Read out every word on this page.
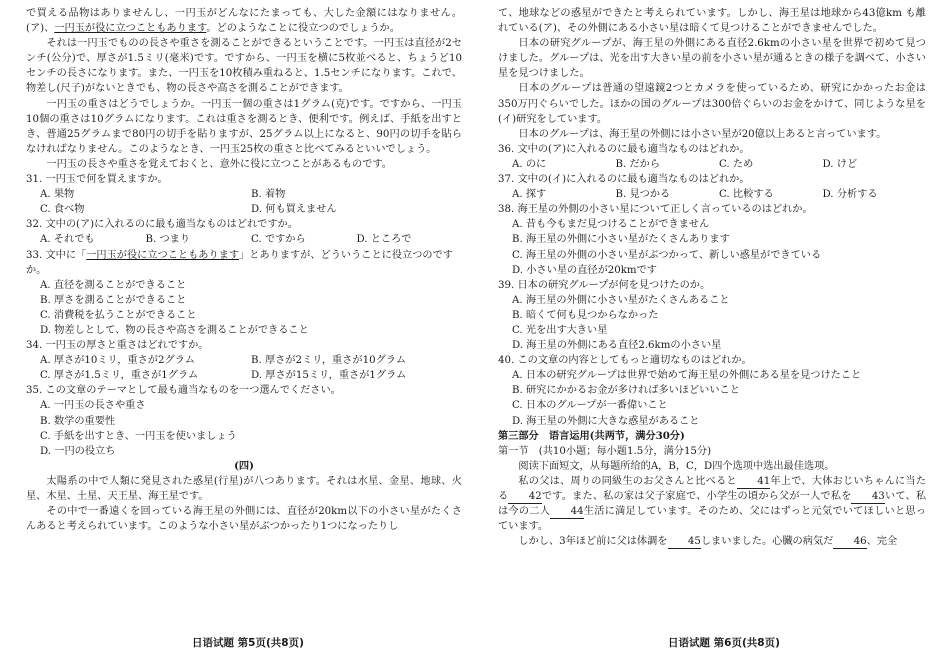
で買える品物はありませんし、一円玉がどんなにたまっても、大した金額にはなりません。(ア)、一円玉が役に立つこともあります。どのようなことに役立つのでしょうか。

それは一円玉でものの長さや重さを測ることができるということです。一円玉は直径が2センチ(公分)で、厚さが1.5ミリ(毫米)です。ですから、一円玉を横に5枚並べると、ちょうど10センチの長さになります。また、一円玉を10枚積み重ねると、1.5センチになります。これで、物差し(尺子)がないときでも、物の長さや高さを測ることができます。

一円玉の重さはどうでしょうか。一円玉一個の重さは1グラム(克)です。ですから、一円玉10個の重さは10グラムになります。これは重さを測るとき、便利です。例えば、手紙を出すとき、普通25グラムまで80円の切手を貼りますが、25グラム以上になると、90円の切手を貼らなければなりません。このようなとき、一円玉25枚の重さと比べてみるといいでしょう。

一円玉の長さや重さを覚えておくと、意外に役に立つことがあるものです。

31. 一円玉で何を買えますか。

A. 果物	B. 着物
C. 食べ物	D. 何も買えません

32. 文中の(ア)に入れるのに最も適当なものはどれですか。

A. それでも	B. つまり	C. ですから	D. ところで

33. 文中に「一円玉が役に立つこともあります」とありますが、どういうことに役立つのですか。

A. 直径を測ることができること
B. 厚さを測ることができること
C. 消費税を払うことができること
D. 物差しとして、物の長さや高さを測ることができること

34. 一円玉の厚さと重さはどれですか。

A. 厚さが10ミリ，重さが2グラム	B. 厚さが2ミリ，重さが10グラム
C. 厚さが1.5ミリ，重さが1グラム	D. 厚さが15ミリ，重さが1グラム

35. この文章のテーマとして最も適当なものを一つ選んでください。

A. 一円玉の長さや重さ
B. 数学の重要性
C. 手紙を出すとき、一円玉を使いましょう
D. 一円の役立ち

(四)

太陽系の中で人類に発見された惑星(行星)が八つあります。それは水星、金星、地球、火星、木星、土星、天王星、海王星です。

その中で一番遠くを回っている海王星の外側には、直径が20km以下の小さい星がたくさんあると考えられています。このような小さい星がぶつかったり1つになったりし

て、地球などの惑星ができたと考えられています。しかし、海王星は地球から43億km も離れている(ア)、その外側にある小さい星は暗くて見つけることができませんでした。

日本の研究グループが、海王星の外側にある直径2.6kmの小さい星を世界で初めて見つけました。グループは、光を出す大きい星の前を小さい星が通るときの様子を調べて、小さい星を見つけました。

日本のグループは普通の望遠鏡2つとカメラを使っているため、研究にかかったお金は350万円ぐらいでした。ほかの国のグループは300倍ぐらいのお金をかけて、同じような星を(イ)研究をしています。

日本のグループは、海王星の外側には小さい星が20億以上あると言っています。

36. 文中の(ア)に入れるのに最も適当なものはどれか。

A. のに	B. だから	C. ため	D. けど

37. 文中の(イ)に入れるのに最も適当なものはどれか。

A. 探す	B. 見つかる	C. 比較する	D. 分析する

38. 海王星の外側の小さい星について正しく言っているのはどれか。

A. 昔も今もまだ見つけることができません
B. 海王星の外側に小さい星がたくさんあります
C. 海王星の外側の小さい星がぶつかって、新しい惑星ができている
D. 小さい星の直径が20kmです

39. 日本の研究グループが何を見つけたのか。

A. 海王星の外側に小さい星がたくさんあること
B. 暗くて何も見つからなかった
C. 光を出す大きい星
D. 海王星の外側にある直径2.6kmの小さい星

40. この文章の内容としてもっと適切なものはどれか。

A. 日本の研究グループは世界で始めて海王星の外側にある星を見つけたこと
B. 研究にかかるお金が多ければ多いほどいいこと
C. 日本のグループが一番偉いこと
D. 海王星の外側に大きな惑星があること

第三部分　语言运用(共两节，满分30分)

第一节　(共10小题；每小题1.5分，满分15分)

阅读下面短文，从每题所给的A，B，C，D四个选项中选出最佳选项。

私の父は、周りの同級生のお父さんと比べると 41年上で、大体おじいちゃんに当たる 42です。また、私の家は父子家庭で、小学生の頃から父が一人で私を 43いて、私は今の二人 44生活に満足しています。そのため、父にはずっと元気でいてほしいと思っています。

しかし、3年ほど前に父は体調を 45しまいました。心臓の病気だ 46、完全

日语试题 第5页(共8页)	日语试题 第6页(共8页)
